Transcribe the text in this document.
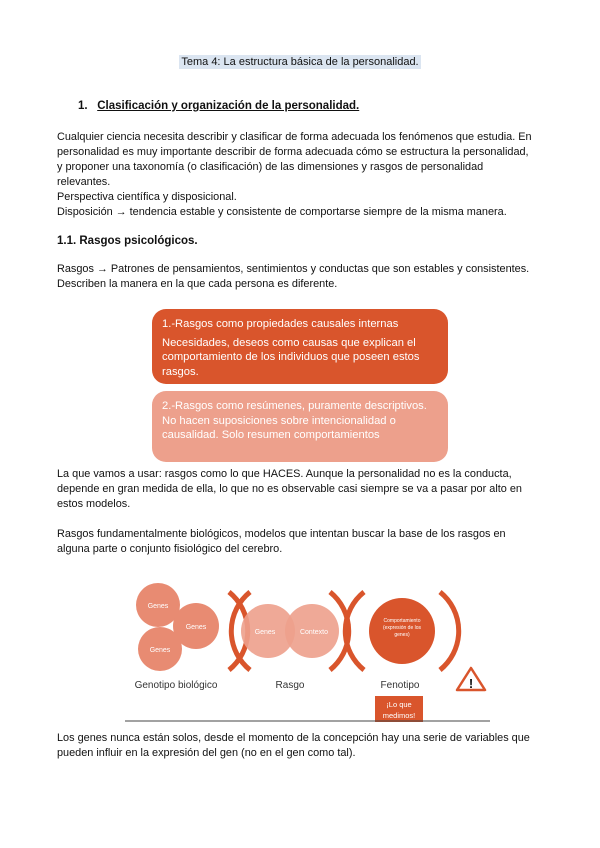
Tema 4: La estructura básica de la personalidad.
1. Clasificación y organización de la personalidad.
Cualquier ciencia necesita describir y clasificar de forma adecuada los fenómenos que estudia. En
personalidad es muy importante describir de forma adecuada cómo se estructura la personalidad,
y proponer una taxonomía (o clasificación) de las dimensiones y rasgos de personalidad
relevantes.
Perspectiva científica y disposicional.
Disposición → tendencia estable y consistente de comportarse siempre de la misma manera.
1.1. Rasgos psicológicos.
Rasgos → Patrones de pensamientos, sentimientos y conductas que son estables y consistentes.
Describen la manera en la que cada persona es diferente.
1.-Rasgos como propiedades causales internas
Necesidades, deseos como causas que explican el comportamiento de los individuos que poseen estos rasgos.
2.-Rasgos como resúmenes, puramente descriptivos. No hacen suposiciones sobre intencionalidad o causalidad. Solo resumen comportamientos
La que vamos a usar: rasgos como lo que HACES. Aunque la personalidad no es la conducta,
depende en gran medida de ella, lo que no es observable casi siempre se va a pasar por alto en
estos modelos.
Rasgos fundamentalmente biológicos, modelos que intentan buscar la base de los rasgos en
alguna parte o conjunto fisiológico del cerebro.
Genes
Genes
Genes
Genes	Contexto
Comportamiento
(expresión de los
genes)
Genotipo biológico	Rasgo	Fenotipo	!
¡Lo que
medimos!
Los genes nunca están solos, desde el momento de la concepción hay una serie de variables que
pueden influir en la expresión del gen (no en el gen como tal).
